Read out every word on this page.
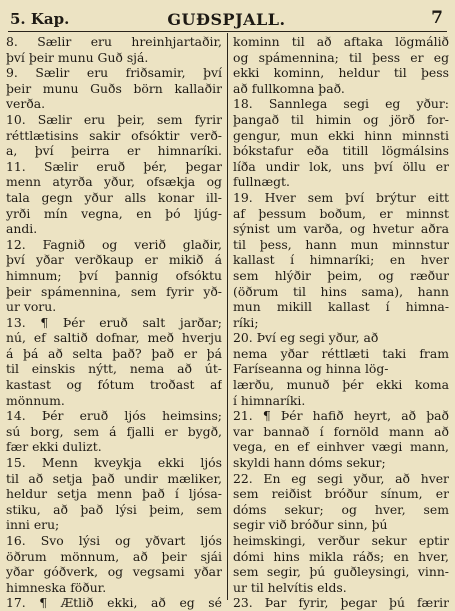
5. Kap.	GUÐSPJALL.	7
8. Sælir eru hreinhjartaðir,
því þeir munu Guð sjá.
9. Sælir eru friðsamir, því
þeir munu Guðs börn kallaðir
verða.
10. Sælir eru þeir, sem fyrir
réttlætisins sakir ofsóktir verð-
a, því þeirra er himnaríki.
11. Sælir eruð þér, þegar
menn atyrða yður, ofsækja og
tala gegn yður alls konar ill-
yrði mín vegna, en þó ljúg-
andi.
12. Fagnið og verið glaðir,
því yðar verðkaup er mikið á
himnum; því þannig ofsóktu
þeir spámennina, sem fyrir yð-
ur voru.
13. ¶ Þér eruð salt jarðar;
nú, ef saltið dofnar, með hverju
á þá að selta það? það er þá
til einskis nýtt, nema að út-
kastast og fótum troðast af
mönnum.
14. Þér eruð ljós heimsins;
sú borg, sem á fjalli er bygð,
fær ekki dulizt.
15. Menn kveykja ekki ljós
til að setja það undir mæliker,
heldur setja menn það í ljósa-
stiku, að það lýsi þeim, sem
inni eru;
16. Svo lýsi og yðvart ljós
öðrum mönnum, að þeir sjái
yðar góðverk, og vegsami yðar
himneska föður.
17. ¶ Ætlið ekki, að eg sé
kominn til að aftaka lögmálið
og spámennina; til þess er eg
ekki kominn, heldur til þess
að fullkomna það.
18. Sannlega segi eg yður:
þangað til himin og jörð for-
gengur, mun ekki hinn minnsti
bókstafur eða titill lögmálsins
líða undir lok, uns því öllu er
fullnægt.
19. Hver sem því brýtur eitt
af þessum boðum, er minnst
sýnist um varða, og hvetur aðra
til þess, hann mun minnstur
kallast í himnaríki; en hver
sem hlýðir þeim, og ræður
(öðrum til hins sama), hann
mun mikill kallast í himna-
ríki;
20. Því eg segi yður, að
nema yðar réttlæti taki fram
Faríseanna og hinna lög-
lærðu, munuð þér ekki koma
í himnaríki.
21. ¶ Þér hafið heyrt, að það
var bannað í fornöld mann að
vega, en ef einhver vægi mann,
skyldi hann dóms sekur;
22. En eg segi yður, að hver
sem reiðist bróður sínum, er
dóms sekur; og hver, sem
segir við bróður sinn, þú
heimskingi, verður sekur eptir
dómi hins mikla ráðs; en hver,
sem segir, þú guðleysingi, vinn-
ur til helvítis elds.
23. Þar fyrir, þegar þú færir
